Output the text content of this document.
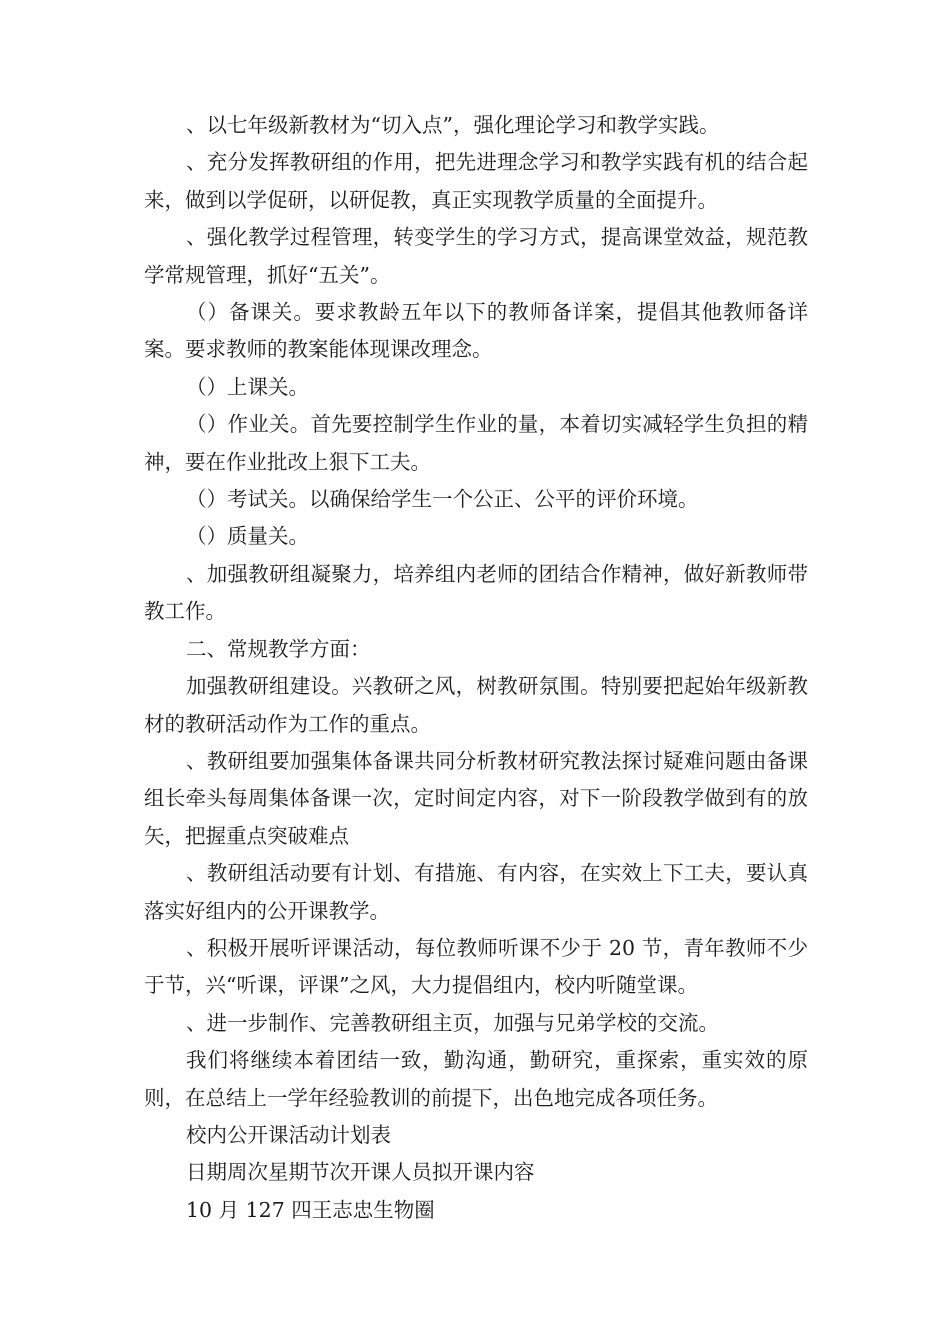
、以七年级新教材为“切入点”，强化理论学习和教学实践。

、充分发挥教研组的作用，把先进理念学习和教学实践有机的结合起来，做到以学促研，以研促教，真正实现教学质量的全面提升。

、强化教学过程管理，转变学生的学习方式，提高课堂效益，规范教学常规管理，抓好“五关”。

（）备课关。要求教龄五年以下的教师备详案，提倡其他教师备详案。要求教师的教案能体现课改理念。

（）上课关。

（）作业关。首先要控制学生作业的量，本着切实减轻学生负担的精神，要在作业批改上狠下工夫。

（）考试关。以确保给学生一个公正、公平的评价环境。

（）质量关。

、加强教研组凝聚力，培养组内老师的团结合作精神，做好新教师带教工作。

二、常规教学方面：

加强教研组建设。兴教研之风，树教研氛围。特别要把起始年级新教材的教研活动作为工作的重点。

、教研组要加强集体备课共同分析教材研究教法探讨疑难问题由备课组长牵头每周集体备课一次，定时间定内容，对下一阶段教学做到有的放矢，把握重点突破难点

、教研组活动要有计划、有措施、有内容，在实效上下工夫，要认真落实好组内的公开课教学。

、积极开展听评课活动，每位教师听课不少于 20 节，青年教师不少于节，兴“听课，评课”之风，大力提倡组内，校内听随堂课。

、进一步制作、完善教研组主页，加强与兄弟学校的交流。

我们将继续本着团结一致，勤沟通，勤研究，重探索，重实效的原则，在总结上一学年经验教训的前提下，出色地完成各项任务。

校内公开课活动计划表

日期周次星期节次开课人员拟开课内容

10 月 127 四王志忠生物圈
